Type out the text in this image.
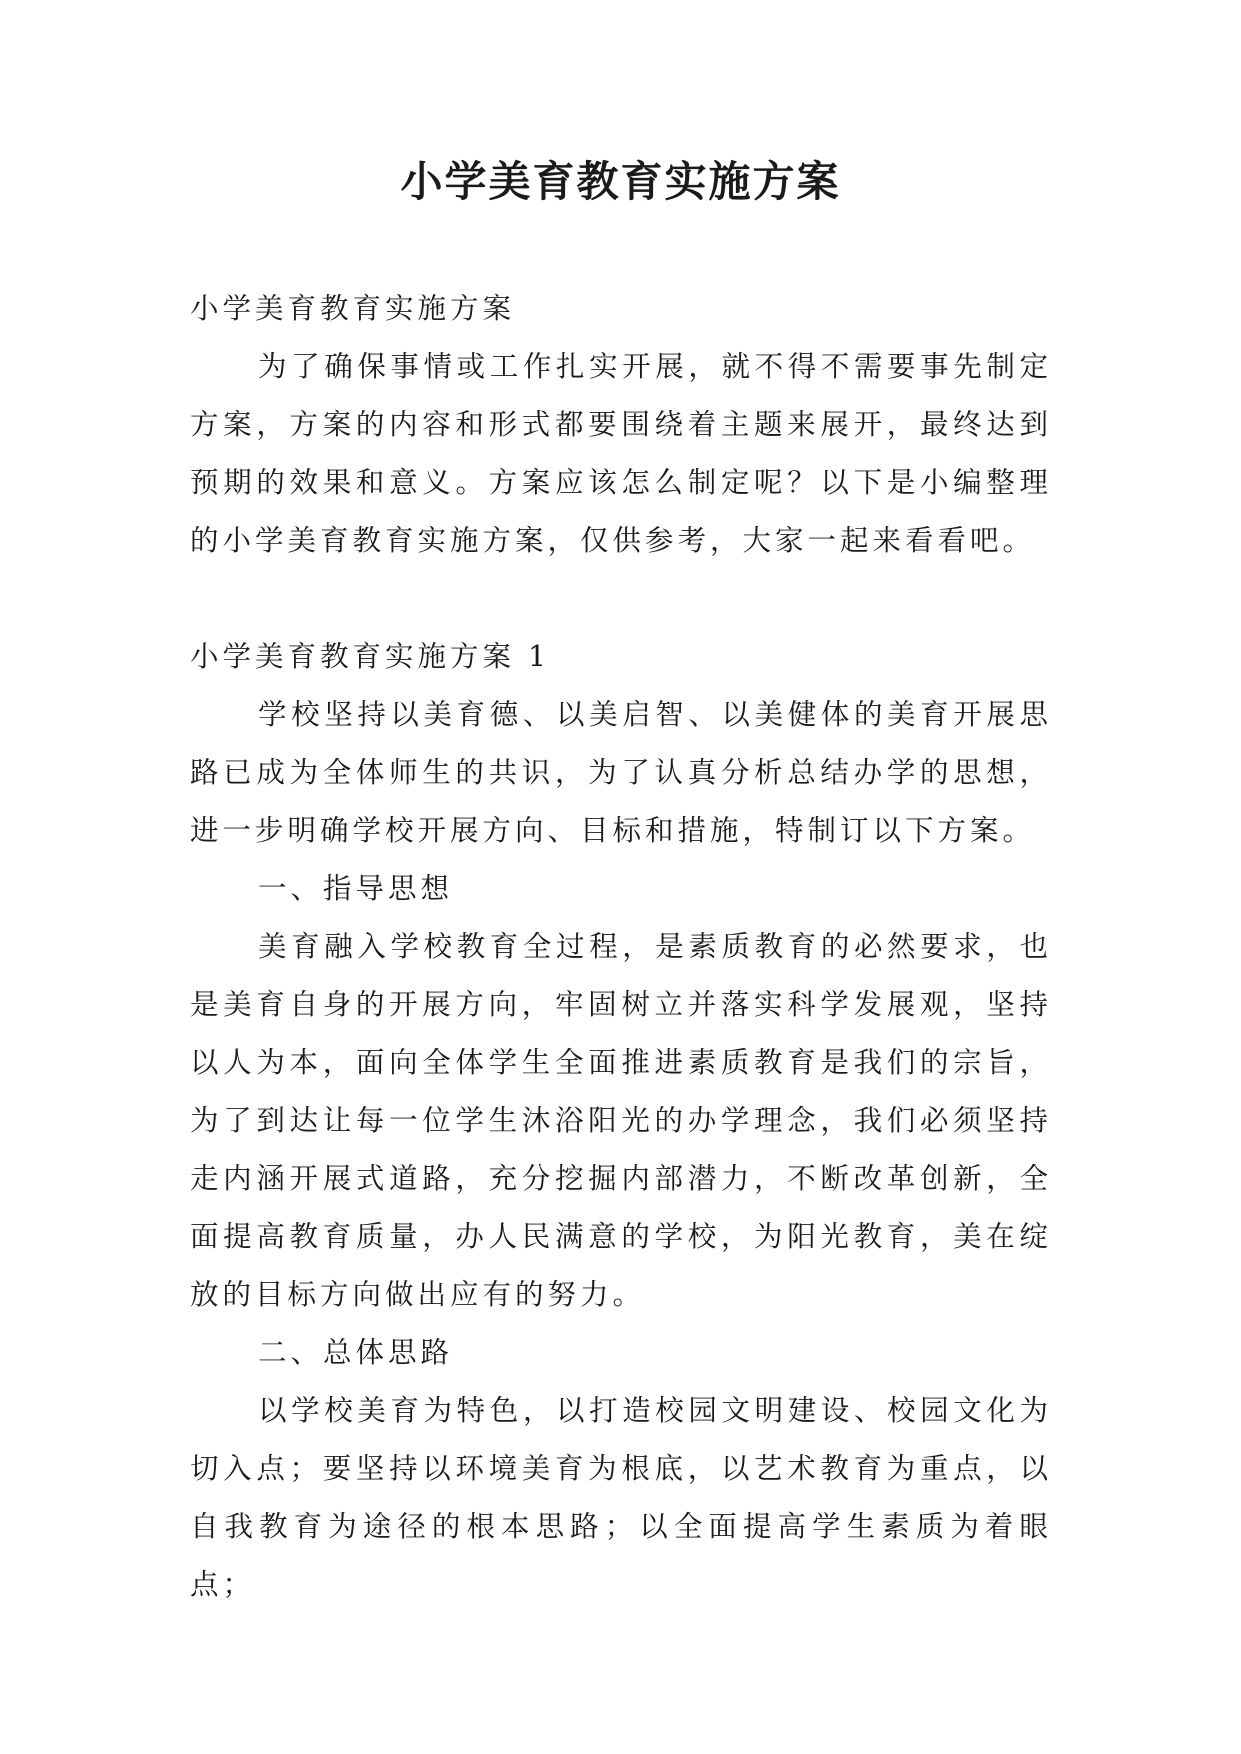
小学美育教育实施方案

小学美育教育实施方案

为了确保事情或工作扎实开展，就不得不需要事先制定方案，方案的内容和形式都要围绕着主题来展开，最终达到预期的效果和意义。方案应该怎么制定呢？以下是小编整理的小学美育教育实施方案，仅供参考，大家一起来看看吧。

小学美育教育实施方案 1

学校坚持以美育德、以美启智、以美健体的美育开展思路已成为全体师生的共识，为了认真分析总结办学的思想，进一步明确学校开展方向、目标和措施，特制订以下方案。

一、指导思想

美育融入学校教育全过程，是素质教育的必然要求，也是美育自身的开展方向，牢固树立并落实科学发展观，坚持以人为本，面向全体学生全面推进素质教育是我们的宗旨，为了到达让每一位学生沐浴阳光的办学理念，我们必须坚持走内涵开展式道路，充分挖掘内部潜力，不断改革创新，全面提高教育质量，办人民满意的学校，为阳光教育，美在绽放的目标方向做出应有的努力。

二、总体思路

以学校美育为特色，以打造校园文明建设、校园文化为切入点；要坚持以环境美育为根底，以艺术教育为重点，以自我教育为途径的根本思路；以全面提高学生素质为着眼点；
